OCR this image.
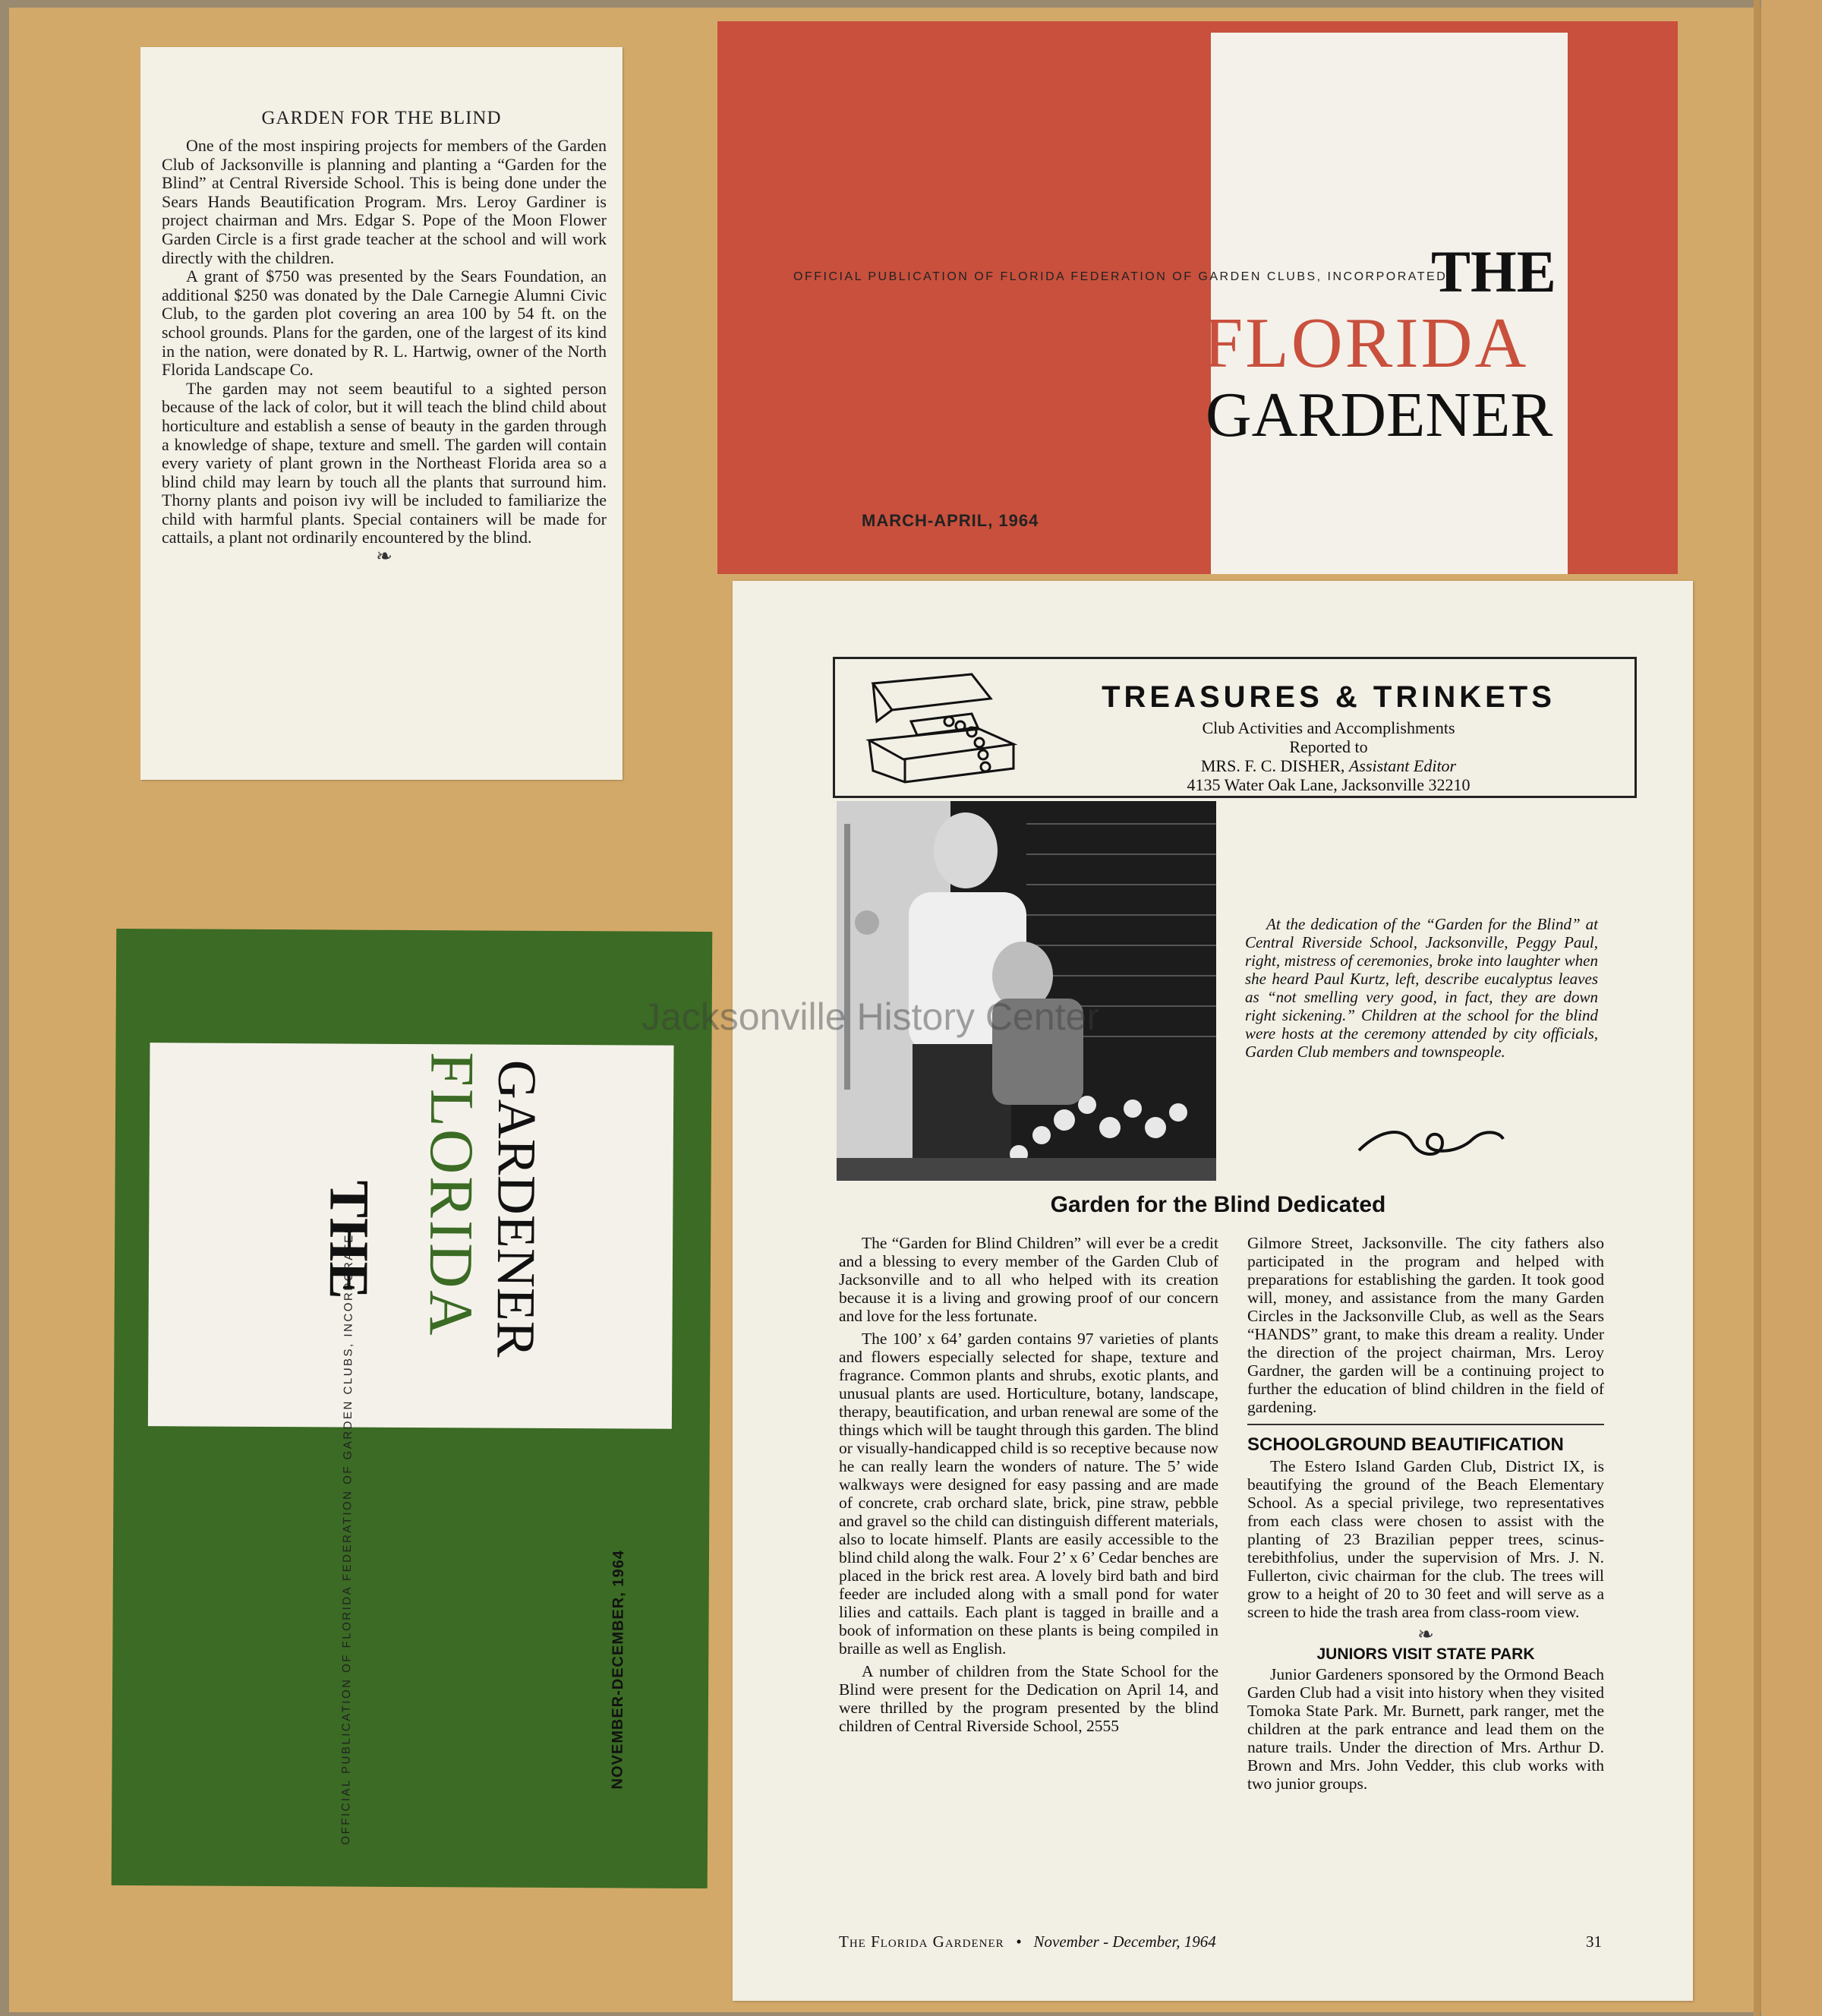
GARDEN FOR THE BLIND

One of the most inspiring projects for members of the Garden Club of Jacksonville is planning and planting a “Garden for the Blind” at Central Riverside School. This is being done under the Sears Hands Beautification Program. Mrs. Leroy Gardiner is project chairman and Mrs. Edgar S. Pope of the Moon Flower Garden Circle is a first grade teacher at the school and will work directly with the children.

A grant of $750 was presented by the Sears Foundation, an additional $250 was donated by the Dale Carnegie Alumni Civic Club, to the garden plot covering an area 100 by 54 ft. on the school grounds. Plans for the garden, one of the largest of its kind in the nation, were donated by R. L. Hartwig, owner of the North Florida Landscape Co.

The garden may not seem beautiful to a sighted person because of the lack of color, but it will teach the blind child about horticulture and establish a sense of beauty in the garden through a knowledge of shape, texture and smell. The garden will contain every variety of plant grown in the Northeast Florida area so a blind child may learn by touch all the plants that surround him. Thorny plants and poison ivy will be included to familiarize the child with harmful plants. Special containers will be made for cattails, a plant not ordinarily encountered by the blind.

❧
OFFICIAL PUBLICATION OF FLORIDA FEDERATION OF GARDEN CLUBS, INCORPORATED
THE
FLORIDA
GARDENER
MARCH-APRIL, 1964
OFFICIAL PUBLICATION OF FLORIDA FEDERATION OF GARDEN CLUBS, INCORPORATED
THE FLORIDA
GARDENER
NOVEMBER-DECEMBER, 1964
TREASURES & TRINKETS
Club Activities and Accomplishments
Reported to
MRS. F. C. DISHER, Assistant Editor
4135 Water Oak Lane, Jacksonville 32210
At the dedication of the “Garden for the Blind” at Central Riverside School, Jacksonville, Peggy Paul, right, mistress of ceremonies, broke into laughter when she heard Paul Kurtz, left, describe eucalyptus leaves as “not smelling very good, in fact, they are down right sickening.” Children at the school for the blind were hosts at the ceremony attended by city officials, Garden Club members and townspeople.
Garden for the Blind Dedicated

The “Garden for Blind Children” will ever be a credit and a blessing to every member of the Garden Club of Jacksonville and to all who helped with its creation because it is a living and growing proof of our concern and love for the less fortunate.

The 100’ x 64’ garden contains 97 varieties of plants and flowers especially selected for shape, texture and fragrance. Common plants and shrubs, exotic plants, and unusual plants are used. Horticulture, botany, landscape, therapy, beautification, and urban renewal are some of the things which will be taught through this garden. The blind or visually-handicapped child is so receptive because now he can really learn the wonders of nature. The 5’ wide walkways were designed for easy passing and are made of concrete, crab orchard slate, brick, pine straw, pebble and gravel so the child can distinguish different materials, also to locate himself. Plants are easily accessible to the blind child along the walk. Four 2’ x 6’ Cedar benches are placed in the brick rest area. A lovely bird bath and bird feeder are included along with a small pond for water lilies and cattails. Each plant is tagged in braille and a book of information on these plants is being compiled in braille as well as English.

A number of children from the State School for the Blind were present for the Dedication on April 14, and were thrilled by the program presented by the blind children of Central Riverside School, 2555

Gilmore Street, Jacksonville. The city fathers also participated in the program and helped with preparations for establishing the garden. It took good will, money, and assistance from the many Garden Circles in the Jacksonville Club, as well as the Sears “HANDS” grant, to make this dream a reality. Under the direction of the project chairman, Mrs. Leroy Gardner, the garden will be a continuing project to further the education of blind children in the field of gardening.

SCHOOLGROUND BEAUTIFICATION

The Estero Island Garden Club, District IX, is beautifying the ground of the Beach Elementary School. As a special privilege, two representatives from each class were chosen to assist with the planting of 23 Brazilian pepper trees, scinus-terebithfolius, under the supervision of Mrs. J. N. Fullerton, civic chairman for the club. The trees will grow to a height of 20 to 30 feet and will serve as a screen to hide the trash area from class-room view.

❧
JUNIORS VISIT STATE PARK

Junior Gardeners sponsored by the Ormond Beach Garden Club had a visit into history when they visited Tomoka State Park. Mr. Burnett, park ranger, met the children at the park entrance and lead them on the nature trails. Under the direction of Mrs. Arthur D. Brown and Mrs. John Vedder, this club works with two junior groups.

The Florida Gardener • November - December, 1964	31
Jacksonville History Center
